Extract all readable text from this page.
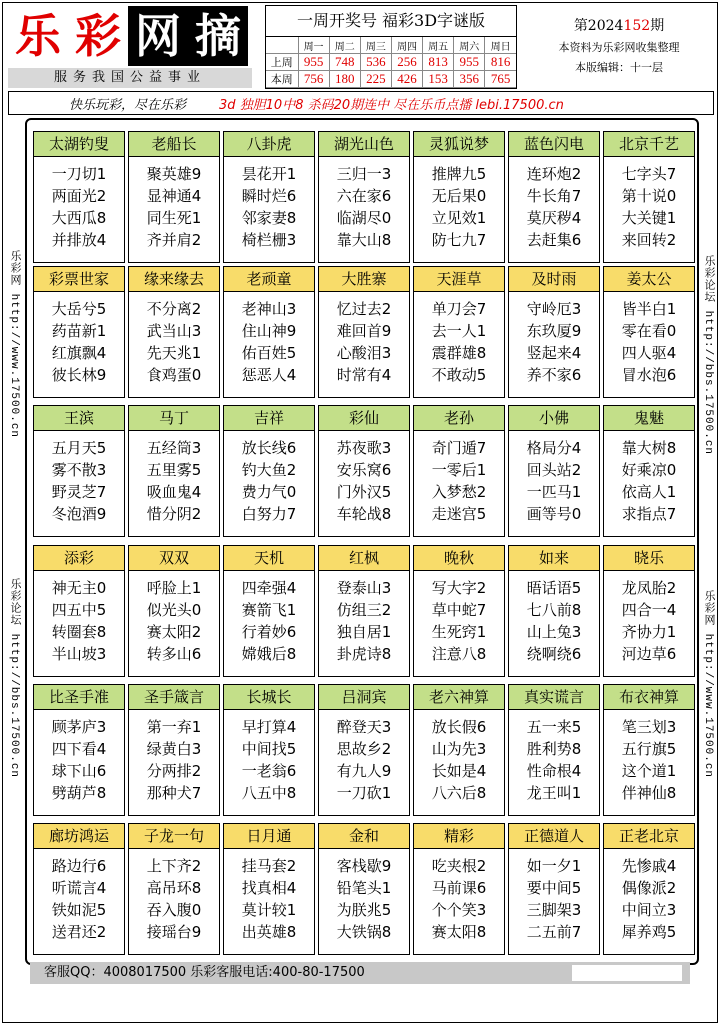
乐 彩 网 摘
服务我国公益事业
一周开奖号 福彩3D字谜版
	周一	周二	周三	周四	周五	周六	周日
上周	955	748	536	256	813	955	816
本周	756	180	225	426	153	356	765
第2024152期
本资料为乐彩网收集整理
本版编辑：十一层
快乐玩彩，尽在乐彩	3d 独胆10中8 杀码20期连中 尽在乐币点播 lebi.17500.cn
乐彩网 http://www.17500.cn
乐彩论坛 http://bbs.17500.cn
乐彩论坛 http://bbs.17500.cn
乐彩网 http://www.17500.cn
太湖钓叟
一刀切1
两面光2
大西瓜8
并排放4
老船长
聚英雄9
显神通4
同生死1
齐并肩2
八卦虎
昙花开1
瞬时烂6
邻家妻8
椅栏栅3
湖光山色
三归一3
六在家6
临湖尽0
靠大山8
灵狐说梦
推牌九5
无后果0
立见效1
防七九7
蓝色闪电
连环炮2
牛长角7
莫厌秽4
去赶集6
北京千艺
七字头7
第十说0
大关键1
来回转2
彩票世家
大岳兮5
药苗新1
红旗飘4
彼长林9
缘来缘去
不分离2
武当山3
先天兆1
食鸡蛋0
老顽童
老神山3
住山神9
佑百姓5
惩恶人4
大胜寨
忆过去2
难回首9
心酸泪3
时常有4
天涯草
单刀会7
去一人1
震群雄8
不敢动5
及时雨
守岭厄3
东玖厦9
竖起来4
养不家6
姜太公
皆半白1
零在看0
四人驱4
冒水泡6
王滨
五月天5
雾不散3
野灵芝7
冬泡酒9
马丁
五经筒3
五里雾5
吸血鬼4
惜分阴2
吉祥
放长线6
钓大鱼2
费力气0
白努力7
彩仙
苏夜歌3
安乐窝6
门外汉5
车轮战8
老孙
奇门遁7
一零后1
入梦愁2
走迷宫5
小佛
格局分4
回头站2
一匹马1
画等号0
鬼魅
靠大树8
好乘凉0
依高人1
求指点7
添彩
神无主0
四五中5
转圈套8
半山坡3
双双
呼脸上1
似光头0
赛太阳2
转多山6
天机
四牵强4
赛箭飞1
行着妙6
嫦娥后8
红枫
登泰山3
仿组三2
独自居1
卦虎诗8
晚秋
写大字2
草中蛇7
生死窍1
注意八8
如来
晤话语5
七八前8
山上兔3
绕啊绕6
晓乐
龙凤胎2
四合一4
齐协力1
河边草6
比圣手准
顾茅庐3
四下看4
球下山6
劈葫芦8
圣手箴言
第一弃1
绿黄白3
分两排2
那种犬7
长城长
早打算4
中间找5
一老翁6
八五中8
吕洞宾
醉登天3
思故乡2
有九人9
一刀砍1
老六神算
放长假6
山为先3
长如是4
八六后8
真实谎言
五一来5
胜利势8
性命根4
龙王叫1
布衣神算
笔三划3
五行旗5
这个道1
伴神仙8
廊坊鸿运
路边行6
听谎言4
铁如泥5
送君还2
子龙一句
上下齐2
高吊环8
吞入腹0
接瑶台9
日月通
挂马套2
找真相4
莫计较1
出英雄8
金和
客栈歇9
铅笔头1
为朕兆5
大铁锅8
精彩
吃夹根2
马前课6
个个笑3
赛太阳8
正德道人
如一夕1
要中间5
三脚架3
二五前7
正老北京
先惨戚4
偶像派2
中间立3
犀养鸡5
客服QQ：4008017500 乐彩客服电话:400-80-17500
